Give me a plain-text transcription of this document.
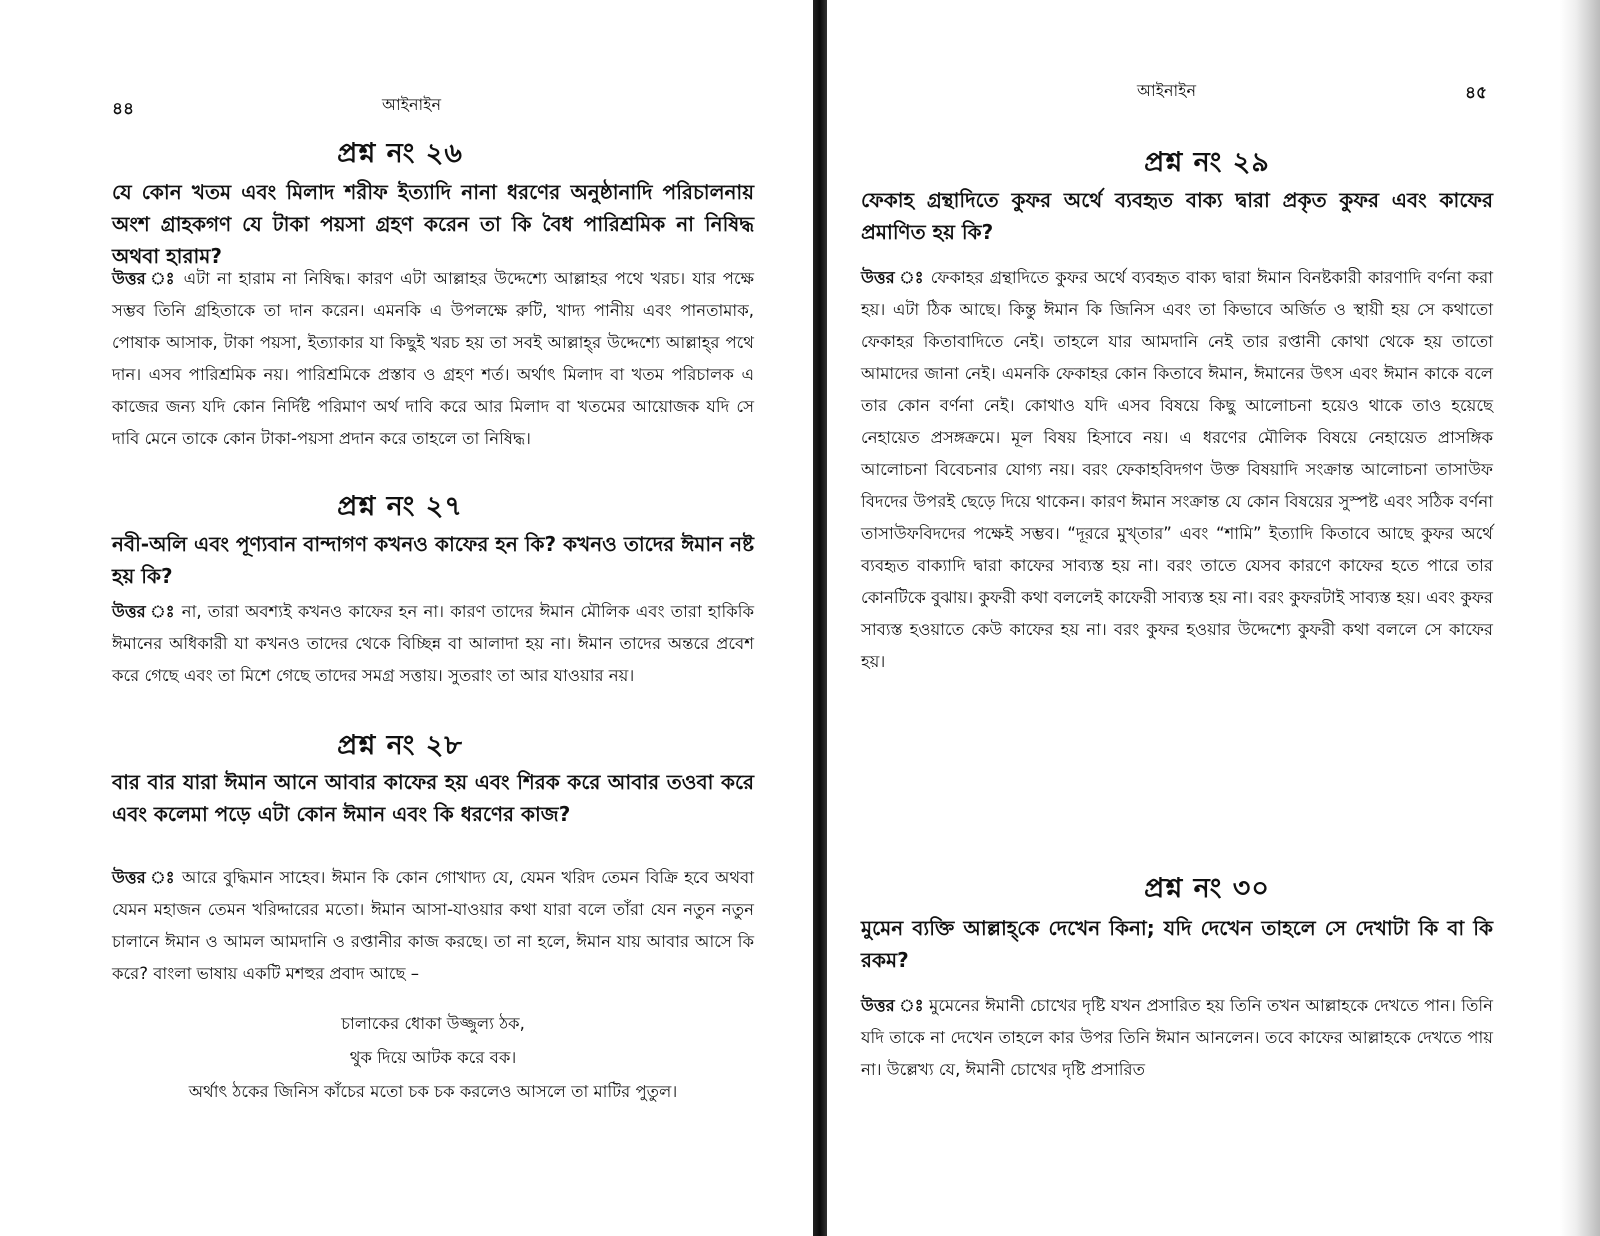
৪৪	আইনাইন
প্রশ্ন নং ২৬
যে কোন খতম এবং মিলাদ শরীফ ইত্যাদি নানা ধরণের অনুষ্ঠানাদি পরিচালনায় অংশ গ্রাহকগণ যে টাকা পয়সা গ্রহণ করেন তা কি বৈধ পারিশ্রমিক না নিষিদ্ধ অথবা হারাম?
উত্তর ঃ এটা না হারাম না নিষিদ্ধ। কারণ এটা আল্লাহর উদ্দেশ্যে আল্লাহর পথে খরচ। যার পক্ষে সম্ভব তিনি গ্রহিতাকে তা দান করেন। এমনকি এ উপলক্ষে রুটি, খাদ্য পানীয় এবং পানতামাক, পোষাক আসাক, টাকা পয়সা, ইত্যাকার যা কিছুই খরচ হয় তা সবই আল্লাহ্‌র উদ্দেশ্যে আল্লাহ্‌র পথে দান। এসব পারিশ্রমিক নয়। পারিশ্রমিকে প্রস্তাব ও গ্রহণ শর্ত। অর্থাৎ মিলাদ বা খতম পরিচালক এ কাজের জন্য যদি কোন নির্দিষ্ট পরিমাণ অর্থ দাবি করে আর মিলাদ বা খতমের আয়োজক যদি সে দাবি মেনে তাকে কোন টাকা-পয়সা প্রদান করে তাহলে তা নিষিদ্ধ।
প্রশ্ন নং ২৭
নবী-অলি এবং পূণ্যবান বান্দাগণ কখনও কাফের হন কি? কখনও তাদের ঈমান নষ্ট হয় কি?
উত্তর ঃ না, তারা অবশ্যই কখনও কাফের হন না। কারণ তাদের ঈমান মৌলিক এবং তারা হাকিকি ঈমানের অধিকারী যা কখনও তাদের থেকে বিচ্ছিন্ন বা আলাদা হয় না। ঈমান তাদের অন্তরে প্রবেশ করে গেছে এবং তা মিশে গেছে তাদের সমগ্র সত্তায়। সুতরাং তা আর যাওয়ার নয়।
প্রশ্ন নং ২৮
বার বার যারা ঈমান আনে আবার কাফের হয় এবং শিরক করে আবার তওবা করে এবং কলেমা পড়ে এটা কোন ঈমান এবং কি ধরণের কাজ?
উত্তর ঃ আরে বুদ্ধিমান সাহেব। ঈমান কি কোন গোখাদ্য যে, যেমন খরিদ তেমন বিক্রি হবে অথবা যেমন মহাজন তেমন খরিদ্দারের মতো। ঈমান আসা-যাওয়ার কথা যারা বলে তাঁরা যেন নতুন নতুন চালানে ঈমান ও আমল আমদানি ও রপ্তানীর কাজ করছে। তা না হলে, ঈমান যায় আবার আসে কি করে? বাংলা ভাষায় একটি মশহুর প্রবাদ আছে –
চালাকের ধোকা উজ্জুল্য ঠক,
থুক দিয়ে আটক করে বক।
অর্থাৎ ঠকের জিনিস কাঁচের মতো চক চক করলেও আসলে তা মাটির পুতুল।
আইনাইন	৪৫
প্রশ্ন নং ২৯
ফেকাহ গ্রন্থাদিতে কুফর অর্থে ব্যবহৃত বাক্য দ্বারা প্রকৃত কুফর এবং কাফের প্রমাণিত হয় কি?
উত্তর ঃ ফেকাহর গ্রন্থাদিতে কুফর অর্থে ব্যবহৃত বাক্য দ্বারা ঈমান বিনষ্টকারী কারণাদি বর্ণনা করা হয়। এটা ঠিক আছে। কিন্তু ঈমান কি জিনিস এবং তা কিভাবে অর্জিত ও স্থায়ী হয় সে কথাতো ফেকাহর কিতাবাদিতে নেই। তাহলে যার আমদানি নেই তার রপ্তানী কোথা থেকে হয় তাতো আমাদের জানা নেই। এমনকি ফেকাহর কোন কিতাবে ঈমান, ঈমানের উৎস এবং ঈমান কাকে বলে তার কোন বর্ণনা নেই। কোথাও যদি এসব বিষয়ে কিছু আলোচনা হয়েও থাকে তাও হয়েছে নেহায়েত প্রসঙ্গক্রমে। মূল বিষয় হিসাবে নয়। এ ধরণের মৌলিক বিষয়ে নেহায়েত প্রাসঙ্গিক আলোচনা বিবেচনার যোগ্য নয়। বরং ফেকাহবিদগণ উক্ত বিষয়াদি সংক্রান্ত আলোচনা তাসাউফ বিদদের উপরই ছেড়ে দিয়ে থাকেন। কারণ ঈমান সংক্রান্ত যে কোন বিষয়ের সুস্পষ্ট এবং সঠিক বর্ণনা তাসাউফবিদদের পক্ষেই সম্ভব। “দূররে মুখ্‌তার” এবং “শামি” ইত্যাদি কিতাবে আছে কুফর অর্থে ব্যবহৃত বাক্যাদি দ্বারা কাফের সাব্যস্ত হয় না। বরং তাতে যেসব কারণে কাফের হতে পারে তার কোনটিকে বুঝায়। কুফরী কথা বললেই কাফেরী সাব্যস্ত হয় না। বরং কুফরটাই সাব্যস্ত হয়। এবং কুফর সাব্যস্ত হওয়াতে কেউ কাফের হয় না। বরং কুফর হওয়ার উদ্দেশ্যে কুফরী কথা বললে সে কাফের হয়।
প্রশ্ন নং ৩০
মুমেন ব্যক্তি আল্লাহ্‌কে দেখেন কিনা; যদি দেখেন তাহলে সে দেখাটা কি বা কি রকম?
উত্তর ঃ মুমেনের ঈমানী চোখের দৃষ্টি যখন প্রসারিত হয় তিনি তখন আল্লাহকে দেখতে পান। তিনি যদি তাকে না দেখেন তাহলে কার উপর তিনি ঈমান আনলেন। তবে কাফের আল্লাহকে দেখতে পায় না। উল্লেখ্য যে, ঈমানী চোখের দৃষ্টি প্রসারিত
